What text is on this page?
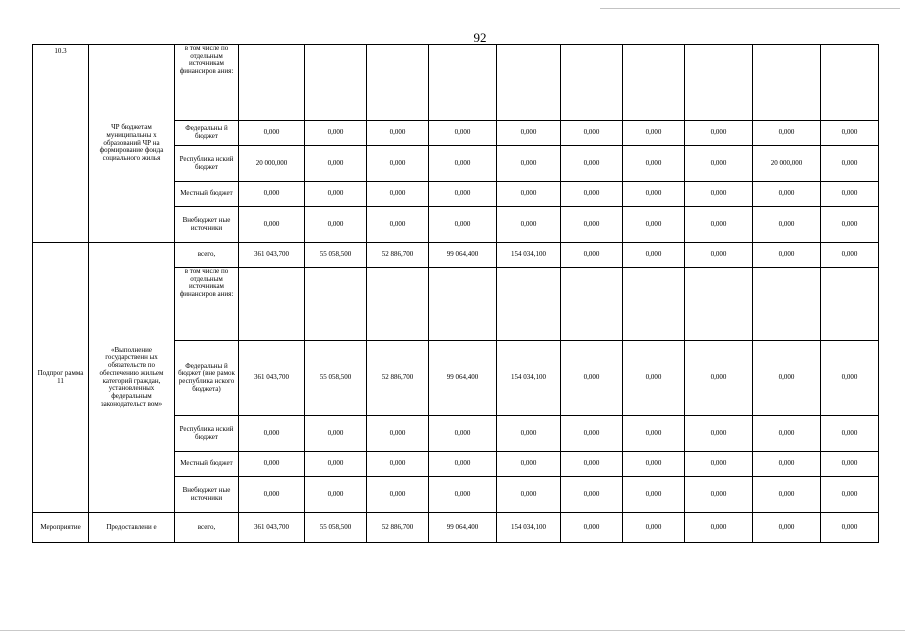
92
10.3	ЧР бюджетам муниципальны х образований ЧР на формирование фонда социального жилья	в том числе по отдельным источникам финансиров ания:										
		Федеральны й бюджет	0,000	0,000	0,000	0,000	0,000	0,000	0,000	0,000	0,000	0,000
		Республика нский бюджет	20 000,000	0,000	0,000	0,000	0,000	0,000	0,000	0,000	20 000,000	0,000
		Местный бюджет	0,000	0,000	0,000	0,000	0,000	0,000	0,000	0,000	0,000	0,000
		Внебюджет ные источники	0,000	0,000	0,000	0,000	0,000	0,000	0,000	0,000	0,000	0,000
Подпрог рамма 11	«Выполнение государственн ых обязательств по обеспечению жильем категорий граждан, установленных федеральным законодательст вом»	всего,	361 043,700	55 058,500	52 886,700	99 064,400	154 034,100	0,000	0,000	0,000	0,000	0,000
		в том числе по отдельным источникам финансиров ания:										
		Федеральны й бюджет (вне рамок республика нского бюджета)	361 043,700	55 058,500	52 886,700	99 064,400	154 034,100	0,000	0,000	0,000	0,000	0,000
		Республика нский бюджет	0,000	0,000	0,000	0,000	0,000	0,000	0,000	0,000	0,000	0,000
		Местный бюджет	0,000	0,000	0,000	0,000	0,000	0,000	0,000	0,000	0,000	0,000
		Внебюджет ные источники	0,000	0,000	0,000	0,000	0,000	0,000	0,000	0,000	0,000	0,000
Мероприятие	Предоставлени е	всего,	361 043,700	55 058,500	52 886,700	99 064,400	154 034,100	0,000	0,000	0,000	0,000	0,000
